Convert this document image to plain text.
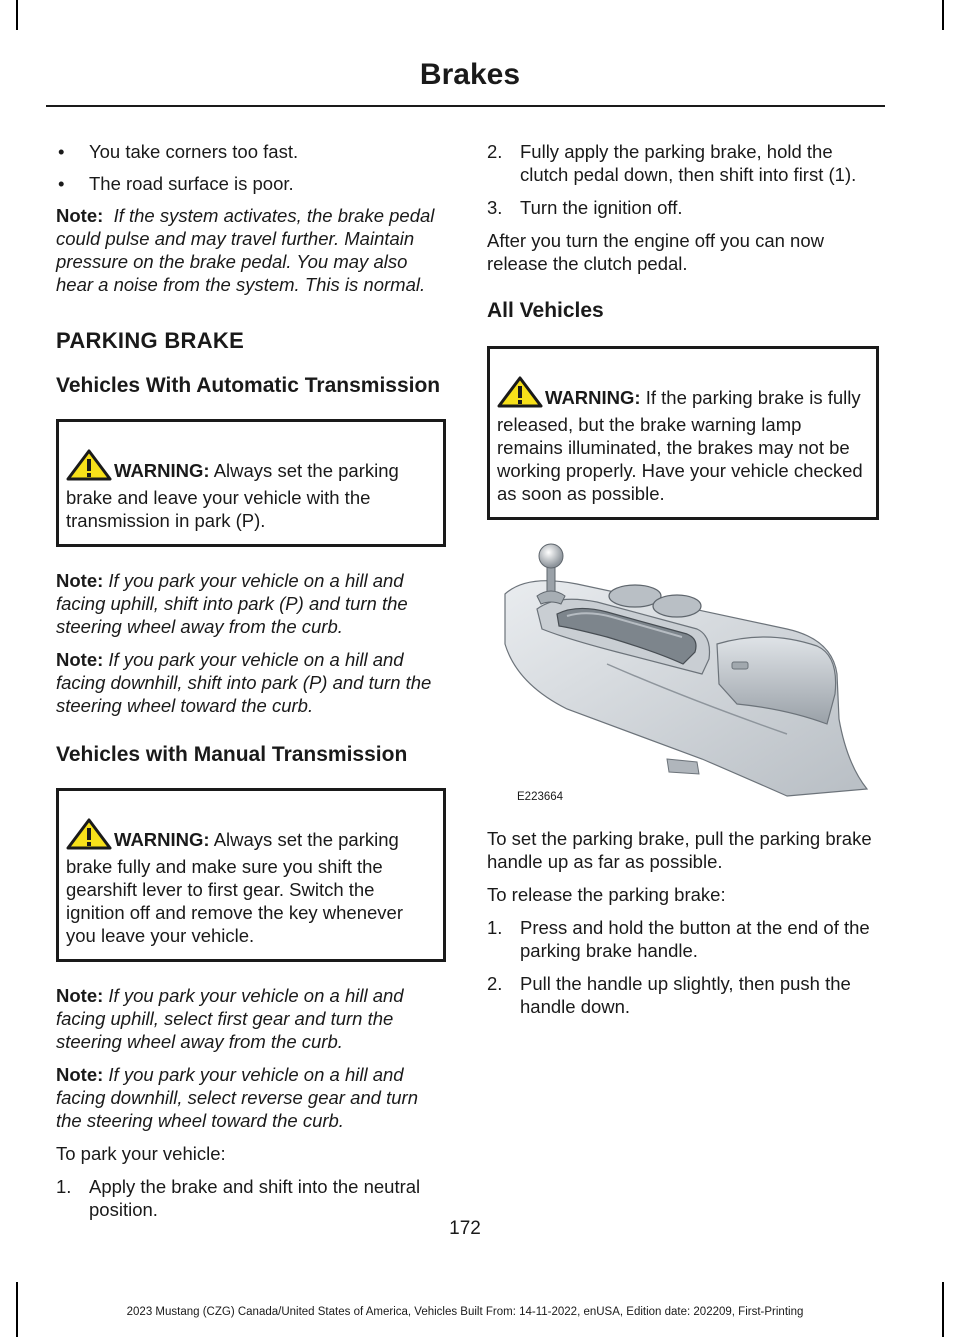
Brakes

• You take corners too fast.

• The road surface is poor.

Note: If the system activates, the brake pedal could pulse and may travel further. Maintain pressure on the brake pedal. You may also hear a noise from the system. This is normal.

PARKING BRAKE
Vehicles With Automatic Transmission

WARNING: Always set the parking brake and leave your vehicle with the transmission in park (P).

Note: If you park your vehicle on a hill and facing uphill, shift into park (P) and turn the steering wheel away from the curb.

Note: If you park your vehicle on a hill and facing downhill, shift into park (P) and turn the steering wheel toward the curb.

Vehicles with Manual Transmission

WARNING: Always set the parking brake fully and make sure you shift the gearshift lever to first gear. Switch the ignition off and remove the key whenever you leave your vehicle.

Note: If you park your vehicle on a hill and facing uphill, select first gear and turn the steering wheel away from the curb.

Note: If you park your vehicle on a hill and facing downhill, select reverse gear and turn the steering wheel toward the curb.

To park your vehicle:

1. Apply the brake and shift into the neutral position.

2. Fully apply the parking brake, hold the clutch pedal down, then shift into first (1).

3. Turn the ignition off.

After you turn the engine off you can now release the clutch pedal.

All Vehicles

WARNING: If the parking brake is fully released, but the brake warning lamp remains illuminated, the brakes may not be working properly. Have your vehicle checked as soon as possible.

E223664

To set the parking brake, pull the parking brake handle up as far as possible.

To release the parking brake:

1. Press and hold the button at the end of the parking brake handle.

2. Pull the handle up slightly, then push the handle down.

172
2023 Mustang (CZG) Canada/United States of America, Vehicles Built From: 14-11-2022, enUSA, Edition date: 202209, First-Printing
